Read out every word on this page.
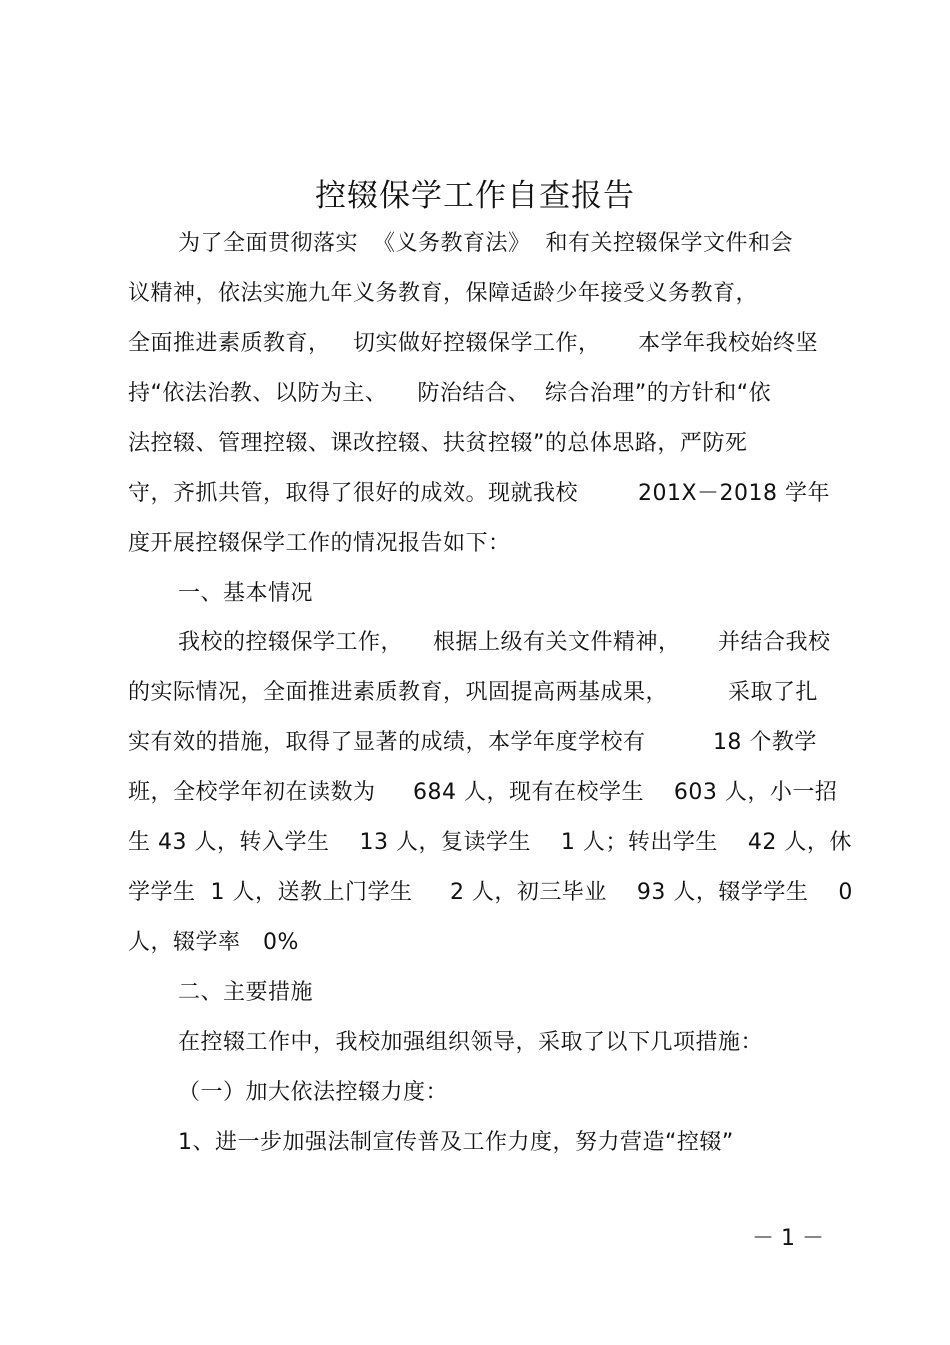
控辍保学工作自查报告
为了全面贯彻落实  《义务教育法》  和有关控辍保学文件和会
议精神，依法实施九年义务教育，保障适龄少年接受义务教育，
全面推进素质教育，   切实做好控辍保学工作，     本学年我校始终坚
持“依法治教、以防为主、    防治结合、  综合治理”的方针和“依
法控辍、管理控辍、课改控辍、扶贫控辍”的总体思路，严防死
守，齐抓共管，取得了很好的成效。现就我校        201X－2018 学年
度开展控辍保学工作的情况报告如下：
一、基本情况
我校的控辍保学工作，    根据上级有关文件精神，     并结合我校
的实际情况，全面推进素质教育，巩固提高两基成果，        采取了扎
实有效的措施，取得了显著的成绩，本学年度学校有         18 个教学
班，全校学年初在读数为     684 人，现有在校学生    603 人，小一招
生 43 人，转入学生    13 人，复读学生    1 人；转出学生    42 人，休
学学生  1 人，送教上门学生     2 人，初三毕业    93 人，辍学学生    0
人，辍学率   0%
二、主要措施
在控辍工作中，我校加强组织领导，采取了以下几项措施：
（一）加大依法控辍力度：
1、进一步加强法制宣传普及工作力度，努力营造“控辍”
－ 1 －
